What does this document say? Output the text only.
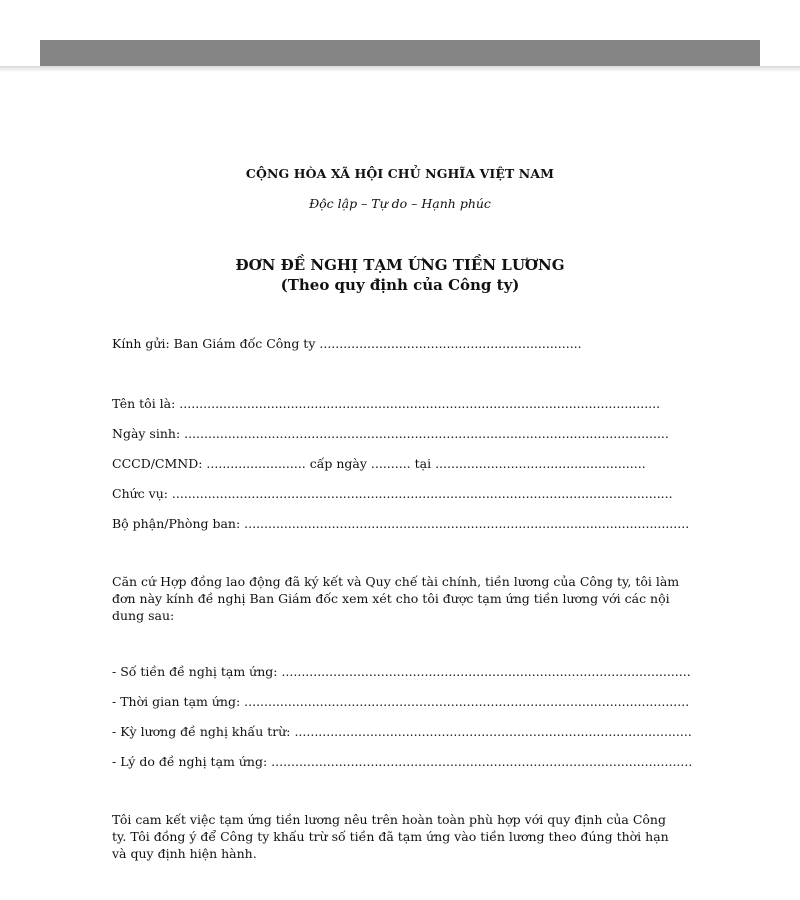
CỘNG HÒA XÃ HỘI CHỦ NGHĨA VIỆT NAM

Độc lập – Tự do – Hạnh phúc

ĐƠN ĐỀ NGHỊ TẠM ỨNG TIỀN LƯƠNG

(Theo quy định của Công ty)

Kính gửi: Ban Giám đốc Công ty ..................................................................

Tên tôi là: .........................................................................................................................

Ngày sinh: ..........................................................................................................................

CCCD/CMND: ......................... cấp ngày .......... tại .....................................................

Chức vụ: ..............................................................................................................................

Bộ phận/Phòng ban: ................................................................................................................

Căn cứ Hợp đồng lao động đã ký kết và Quy chế tài chính, tiền lương của Công ty, tôi làm đơn này kính đề nghị Ban Giám đốc xem xét cho tôi được tạm ứng tiền lương với các nội dung sau:

- Số tiền đề nghị tạm ứng: .......................................................................................................

- Thời gian tạm ứng: ................................................................................................................

- Kỳ lương đề nghị khấu trừ: ....................................................................................................

- Lý do đề nghị tạm ứng: ..........................................................................................................

Tôi cam kết việc tạm ứng tiền lương nêu trên hoàn toàn phù hợp với quy định của Công ty. Tôi đồng ý để Công ty khấu trừ số tiền đã tạm ứng vào tiền lương theo đúng thời hạn và quy định hiện hành.
